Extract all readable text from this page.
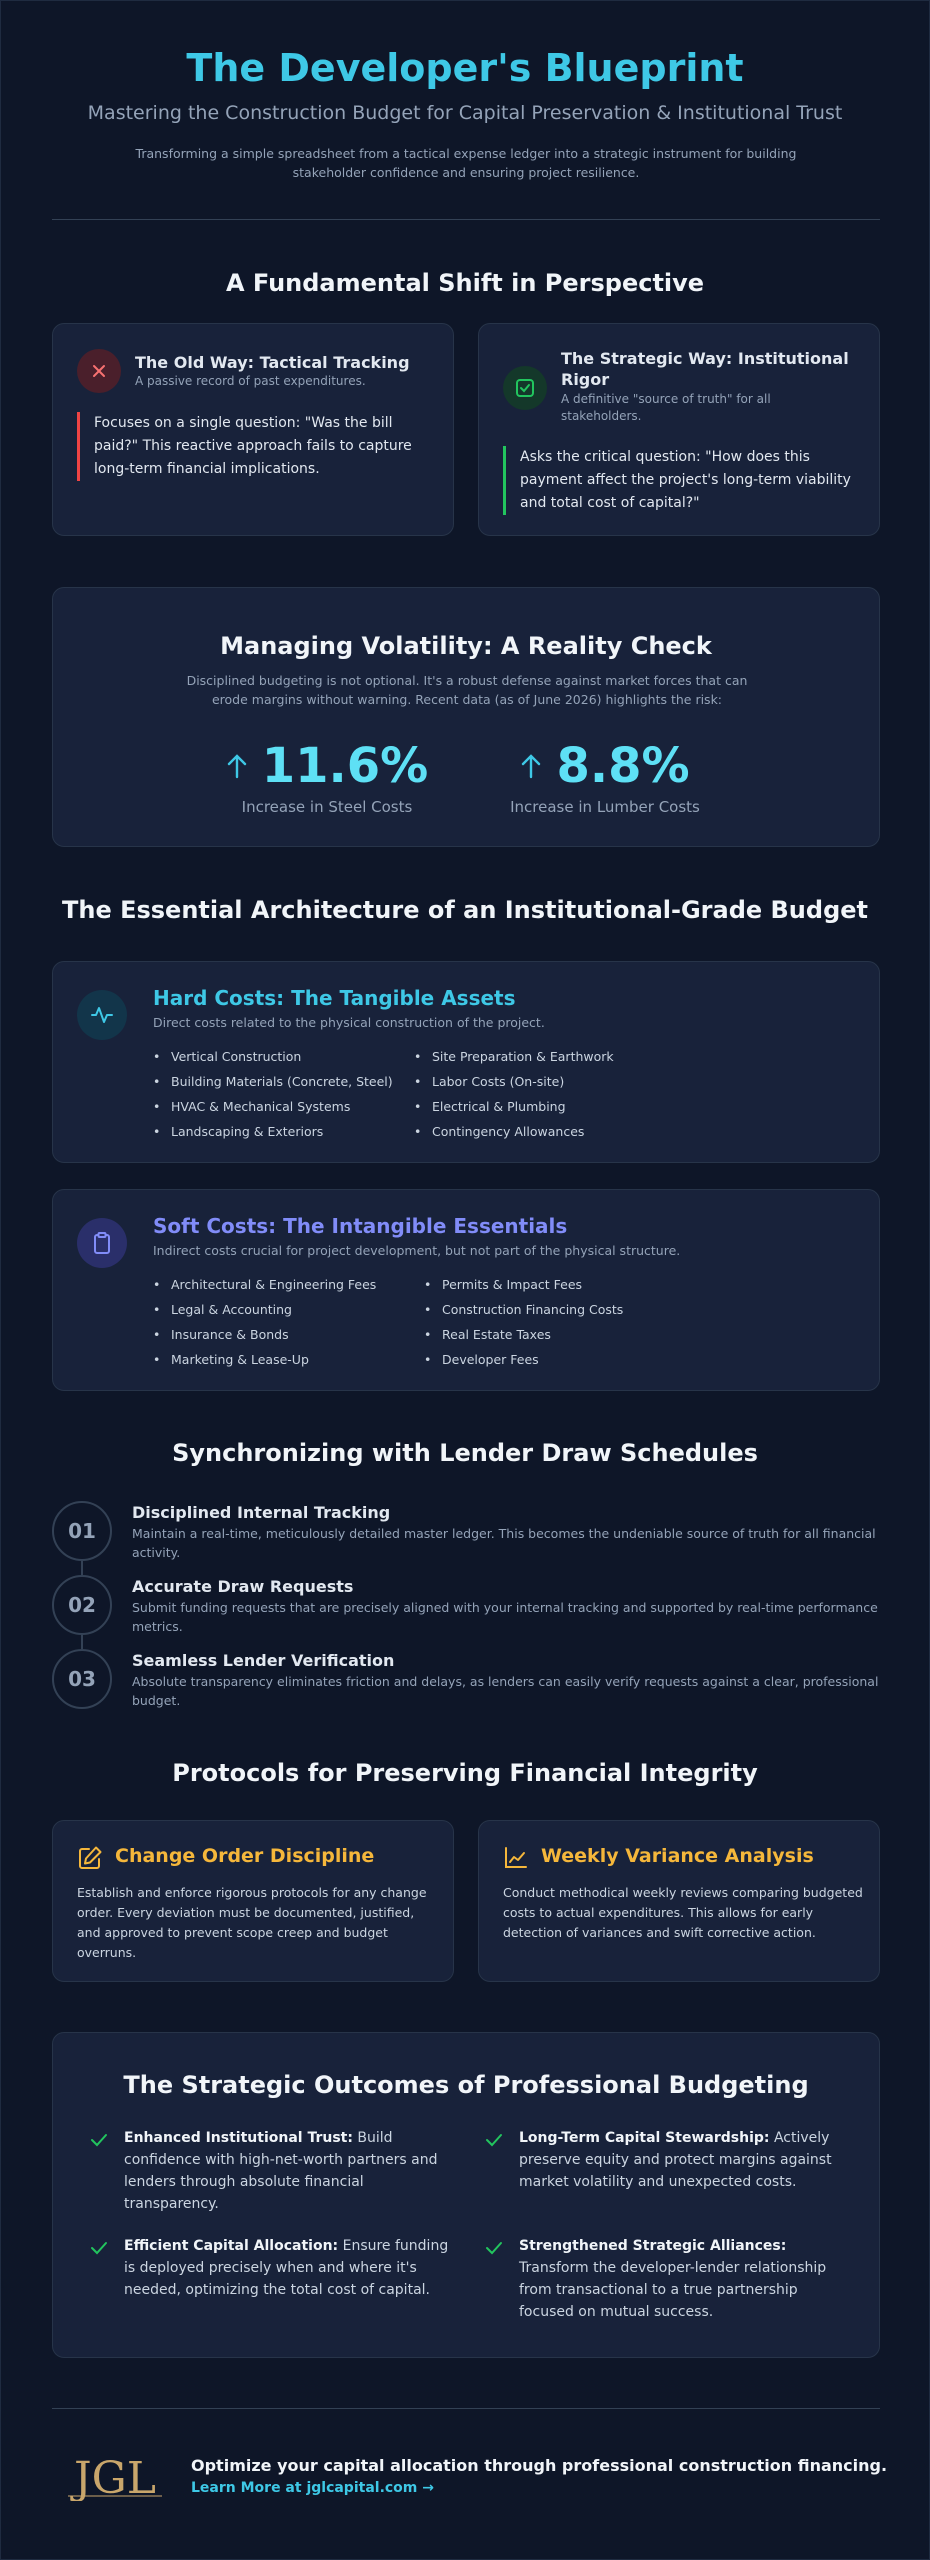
The Developer's Blueprint
Mastering the Construction Budget for Capital Preservation & Institutional Trust
Transforming a simple spreadsheet from a tactical expense ledger into a strategic instrument for building stakeholder confidence and ensuring project resilience.
A Fundamental Shift in Perspective
The Old Way: Tactical Tracking
A passive record of past expenditures.
Focuses on a single question: "Was the bill paid?" This reactive approach fails to capture long-term financial implications.
The Strategic Way: Institutional Rigor
A definitive "source of truth" for all stakeholders.
Asks the critical question: "How does this payment affect the project's long-term viability and total cost of capital?"
Managing Volatility: A Reality Check
Disciplined budgeting is not optional. It's a robust defense against market forces that can erode margins without warning. Recent data (as of June 2026) highlights the risk:
11.6%
Increase in Steel Costs
8.8%
Increase in Lumber Costs
The Essential Architecture of an Institutional-Grade Budget
Hard Costs: The Tangible Assets
Direct costs related to the physical construction of the project.
• Vertical Construction
• Building Materials (Concrete, Steel)
• HVAC & Mechanical Systems
• Landscaping & Exteriors
• Site Preparation & Earthwork
• Labor Costs (On-site)
• Electrical & Plumbing
• Contingency Allowances
Soft Costs: The Intangible Essentials
Indirect costs crucial for project development, but not part of the physical structure.
• Architectural & Engineering Fees
• Legal & Accounting
• Insurance & Bonds
• Marketing & Lease-Up
• Permits & Impact Fees
• Construction Financing Costs
• Real Estate Taxes
• Developer Fees
Synchronizing with Lender Draw Schedules
01
Disciplined Internal Tracking
Maintain a real-time, meticulously detailed master ledger. This becomes the undeniable source of truth for all financial activity.
02
Accurate Draw Requests
Submit funding requests that are precisely aligned with your internal tracking and supported by real-time performance metrics.
03
Seamless Lender Verification
Absolute transparency eliminates friction and delays, as lenders can easily verify requests against a clear, professional budget.
Protocols for Preserving Financial Integrity
Change Order Discipline
Establish and enforce rigorous protocols for any change order. Every deviation must be documented, justified, and approved to prevent scope creep and budget overruns.
Weekly Variance Analysis
Conduct methodical weekly reviews comparing budgeted costs to actual expenditures. This allows for early detection of variances and swift corrective action.
The Strategic Outcomes of Professional Budgeting
Enhanced Institutional Trust: Build confidence with high-net-worth partners and lenders through absolute financial transparency.
Long-Term Capital Stewardship: Actively preserve equity and protect margins against market volatility and unexpected costs.
Efficient Capital Allocation: Ensure funding is deployed precisely when and where it's needed, optimizing the total cost of capital.
Strengthened Strategic Alliances:
Transform the developer-lender relationship from transactional to a true partnership focused on mutual success.
JGL Optimize your capital allocation through professional construction financing.
Learn More at jglcapital.com →
